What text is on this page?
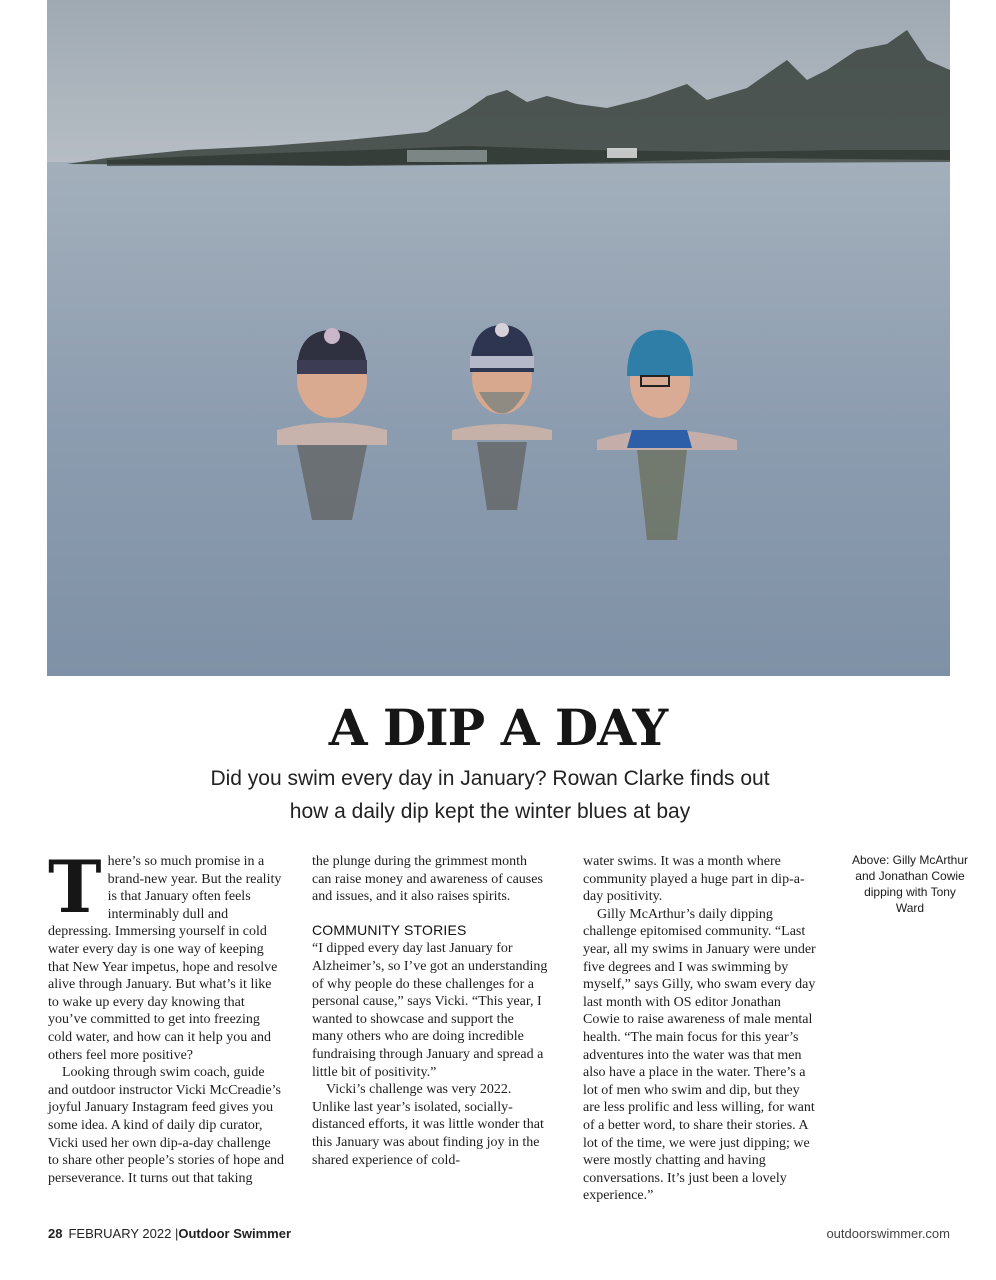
A DIP A DAY

Did you swim every day in January? Rowan Clarke finds out
how a daily dip kept the winter blues at bay

T here’s so much promise in a brand-new year. But the reality is that January often feels interminably dull and depressing. Immersing yourself in cold water every day is one way of keeping that New Year impetus, hope and resolve alive through January. But what’s it like to wake up every day knowing that you’ve committed to get into freezing cold water, and how can it help you and others feel more positive?

Looking through swim coach, guide and outdoor instructor Vicki McCreadie’s joyful January Instagram feed gives you some idea. A kind of daily dip curator, Vicki used her own dip-a-day challenge to share other people’s stories of hope and perseverance. It turns out that taking

the plunge during the grimmest month can raise money and awareness of causes and issues, and it also raises spirits.

COMMUNITY STORIES

“I dipped every day last January for Alzheimer’s, so I’ve got an understanding of why people do these challenges for a personal cause,” says Vicki. “This year, I wanted to showcase and support the many others who are doing incredible fundraising through January and spread a little bit of positivity.”

Vicki’s challenge was very 2022. Unlike last year’s isolated, socially-distanced efforts, it was little wonder that this January was about finding joy in the shared experience of cold-

water swims. It was a month where community played a huge part in dip-a-day positivity.

Gilly McArthur’s daily dipping challenge epitomised community. “Last year, all my swims in January were under five degrees and I was swimming by myself,” says Gilly, who swam every day last month with OS editor Jonathan Cowie to raise awareness of male mental health. “The main focus for this year’s adventures into the water was that men also have a place in the water. There’s a lot of men who swim and dip, but they are less prolific and less willing, for want of a better word, to share their stories. A lot of the time, we were just dipping; we were mostly chatting and having conversations. It’s just been a lovely experience.”

Above: Gilly McArthur and Jonathan Cowie dipping with Tony Ward

28 FEBRUARY 2022 |Outdoor Swimmer	outdoorswimmer.com
